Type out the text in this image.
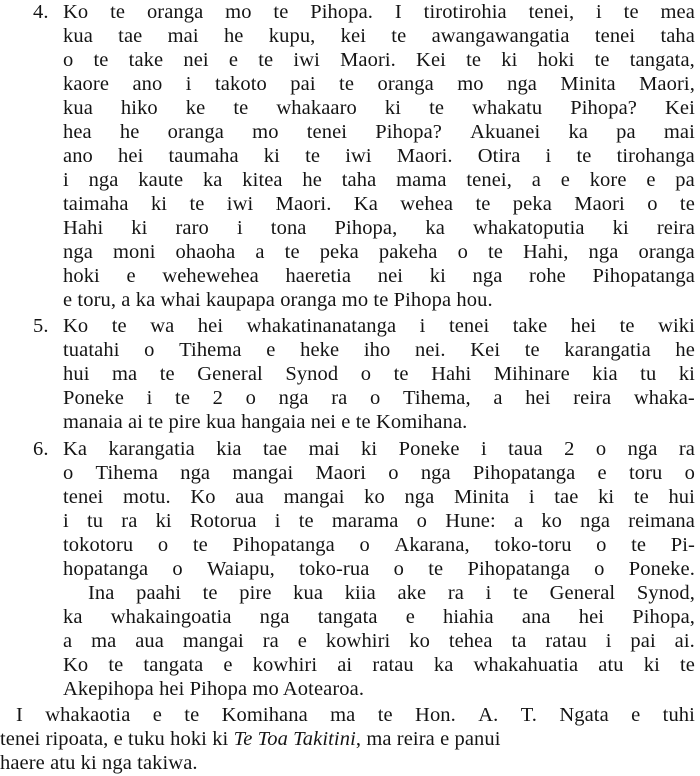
4. Ko te oranga mo te Pihopa. I tirotirohia tenei, i te mea
kua tae mai he kupu, kei te awangawangatia tenei taha
o te take nei e te iwi Maori. Kei te ki hoki te tangata,
kaore ano i takoto pai te oranga mo nga Minita Maori,
kua hiko ke te whakaaro ki te whakatu Pihopa? Kei
hea he oranga mo tenei Pihopa? Akuanei ka pa mai
ano hei taumaha ki te iwi Maori. Otira i te tirohanga
i nga kaute ka kitea he taha mama tenei, a e kore e pa
taimaha ki te iwi Maori. Ka wehea te peka Maori o te
Hahi ki raro i tona Pihopa, ka whakatoputia ki reira
nga moni ohaoha a te peka pakeha o te Hahi, nga oranga
hoki e wehewehea haeretia nei ki nga rohe Pihopatanga
e toru, a ka whai kaupapa oranga mo te Pihopa hou.
5. Ko te wa hei whakatinanatanga i tenei take hei te wiki
tuatahi o Tihema e heke iho nei. Kei te karangatia he
hui ma te General Synod o te Hahi Mihinare kia tu ki
Poneke i te 2 o nga ra o Tihema, a hei reira whaka-
manaia ai te pire kua hangaia nei e te Komihana.
6. Ka karangatia kia tae mai ki Poneke i taua 2 o nga ra
o Tihema nga mangai Maori o nga Pihopatanga e toru o
tenei motu. Ko aua mangai ko nga Minita i tae ki te hui
i tu ra ki Rotorua i te marama o Hune: a ko nga reimana
tokotoru o te Pihopatanga o Akarana, toko-toru o te Pi-
hopatanga o Waiapu, toko-rua o te Pihopatanga o Poneke.
Ina paahi te pire kua kiia ake ra i te General Synod,
ka whakaingoatia nga tangata e hiahia ana hei Pihopa,
a ma aua mangai ra e kowhiri ko tehea ta ratau i pai ai.
Ko te tangata e kowhiri ai ratau ka whakahuatia atu ki te
Akepihopa hei Pihopa mo Aotearoa.
I whakaotia e te Komihana ma te Hon. A. T. Ngata e tuhi
tenei ripoata, e tuku hoki ki Te Toa Takitini, ma reira e panui
haere atu ki nga takiwa.
